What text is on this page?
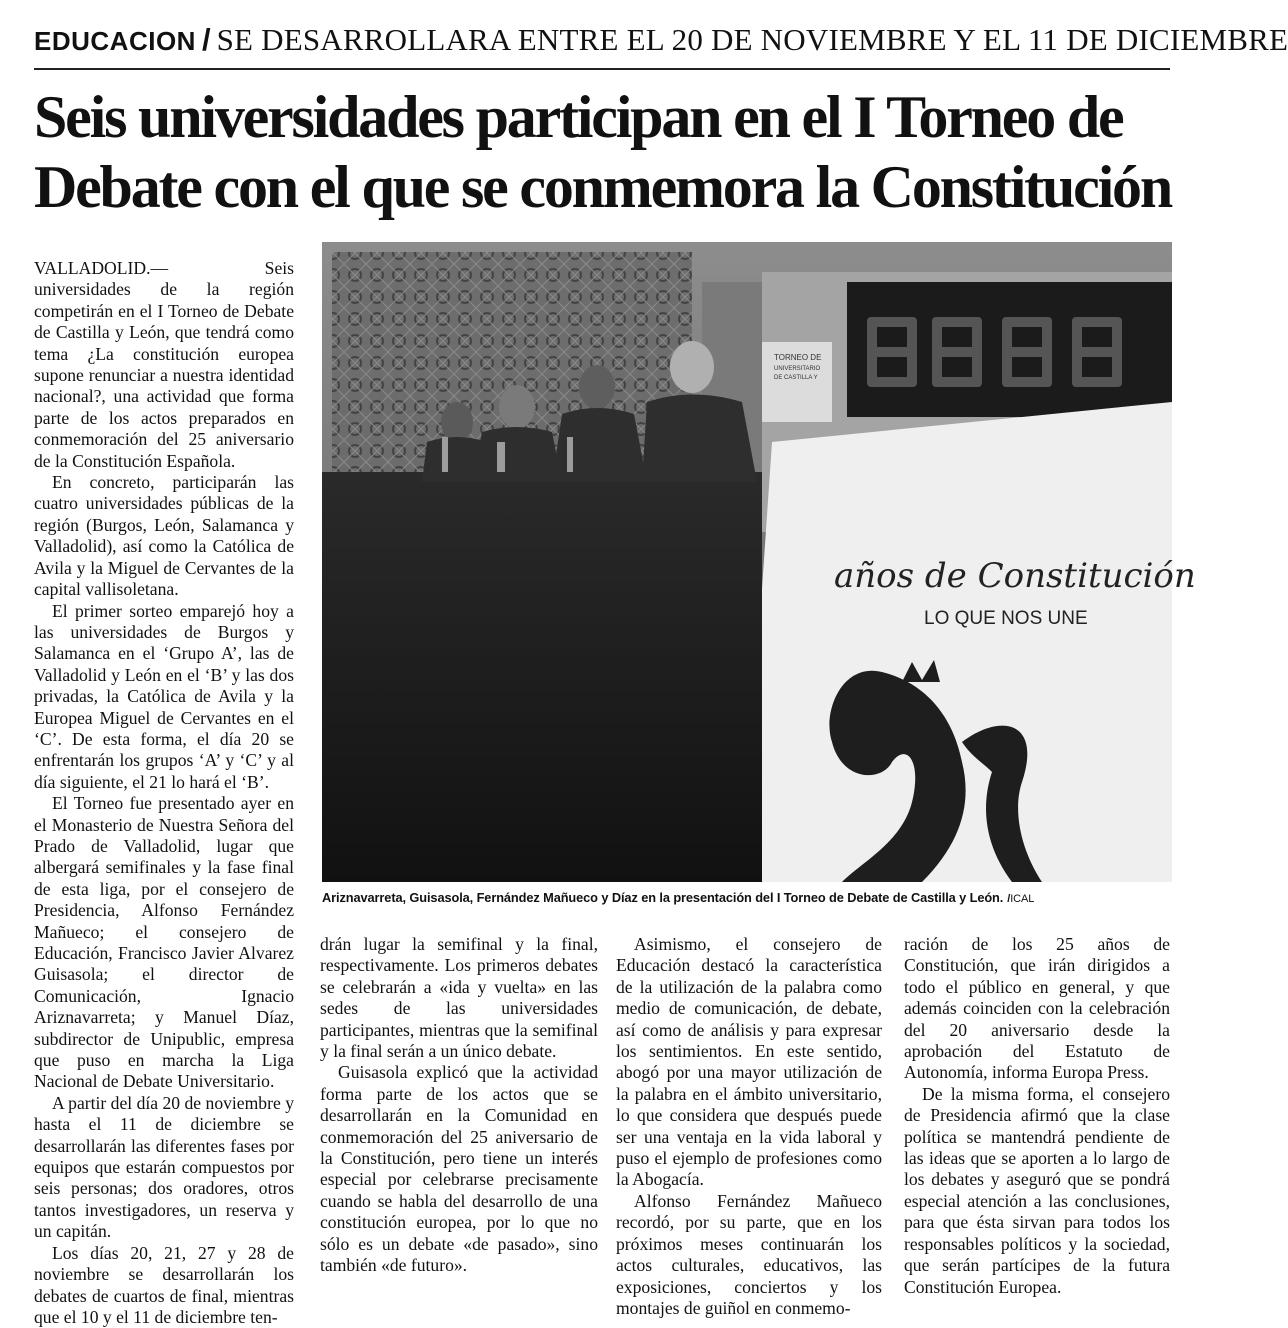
EDUCACION / SE DESARROLLARA ENTRE EL 20 DE NOVIEMBRE Y EL 11 DE DICIEMBRE
Seis universidades participan en el I Torneo de
Debate con el que se conmemora la Constitución

VALLADOLID.— Seis universidades de la región competirán en el I Torneo de Debate de Castilla y León, que tendrá como tema ¿La constitución europea supone renunciar a nuestra identidad nacional?, una actividad que forma parte de los actos preparados en conmemoración del 25 aniversario de la Constitución Española.

En concreto, participarán las cuatro universidades públicas de la región (Burgos, León, Salamanca y Valladolid), así como la Católica de Avila y la Miguel de Cervantes de la capital vallisoletana.

El primer sorteo emparejó hoy a las universidades de Burgos y Salamanca en el ‘Grupo A’, las de Valladolid y León en el ‘B’ y las dos privadas, la Católica de Avila y la Europea Miguel de Cervantes en el ‘C’. De esta forma, el día 20 se enfrentarán los grupos ‘A’ y ‘C’ y al día siguiente, el 21 lo hará el ‘B’.

El Torneo fue presentado ayer en el Monasterio de Nuestra Señora del Prado de Valladolid, lugar que albergará semifinales y la fase final de esta liga, por el consejero de Presidencia, Alfonso Fernández Mañueco; el consejero de Educación, Francisco Javier Alvarez Guisasola; el director de Comunicación, Ignacio Ariznavarreta; y Manuel Díaz, subdirector de Unipublic, empresa que puso en marcha la Liga Nacional de Debate Universitario.

A partir del día 20 de noviembre y hasta el 11 de diciembre se desarrollarán las diferentes fases por equipos que estarán compuestos por seis personas; dos oradores, otros tantos investigadores, un reserva y un capitán.

Los días 20, 21, 27 y 28 de noviembre se desarrollarán los debates de cuartos de final, mientras que el 10 y el 11 de diciembre ten-

TORNEO DE
UNIVERSITARIO
DE CASTILLA Y
años de Constitución
LO QUE NOS UNE
Ariznavarreta, Guisasola, Fernández Mañueco y Díaz en la presentación del I Torneo de Debate de Castilla y León. /ICAL

drán lugar la semifinal y la final, respectivamente. Los primeros debates se celebrarán a «ida y vuelta» en las sedes de las universidades participantes, mientras que la semifinal y la final serán a un único debate.

Guisasola explicó que la actividad forma parte de los actos que se desarrollarán en la Comunidad en conmemoración del 25 aniversario de la Constitución, pero tiene un interés especial por celebrarse precisamente cuando se habla del desarrollo de una constitución europea, por lo que no sólo es un debate «de pasado», sino también «de futuro».

Asimismo, el consejero de Educación destacó la característica de la utilización de la palabra como medio de comunicación, de debate, así como de análisis y para expresar los sentimientos. En este sentido, abogó por una mayor utilización de la palabra en el ámbito universitario, lo que considera que después puede ser una ventaja en la vida laboral y puso el ejemplo de profesiones como la Abogacía.

Alfonso Fernández Mañueco recordó, por su parte, que en los próximos meses continuarán los actos culturales, educativos, las exposiciones, conciertos y los montajes de guiñol en conmemo-

ración de los 25 años de Constitución, que irán dirigidos a todo el público en general, y que además coinciden con la celebración del 20 aniversario desde la aprobación del Estatuto de Autonomía, informa Europa Press.

De la misma forma, el consejero de Presidencia afirmó que la clase política se mantendrá pendiente de las ideas que se aporten a lo largo de los debates y aseguró que se pondrá especial atención a las conclusiones, para que ésta sirvan para todos los responsables políticos y la sociedad, que serán partícipes de la futura Constitución Europea.
